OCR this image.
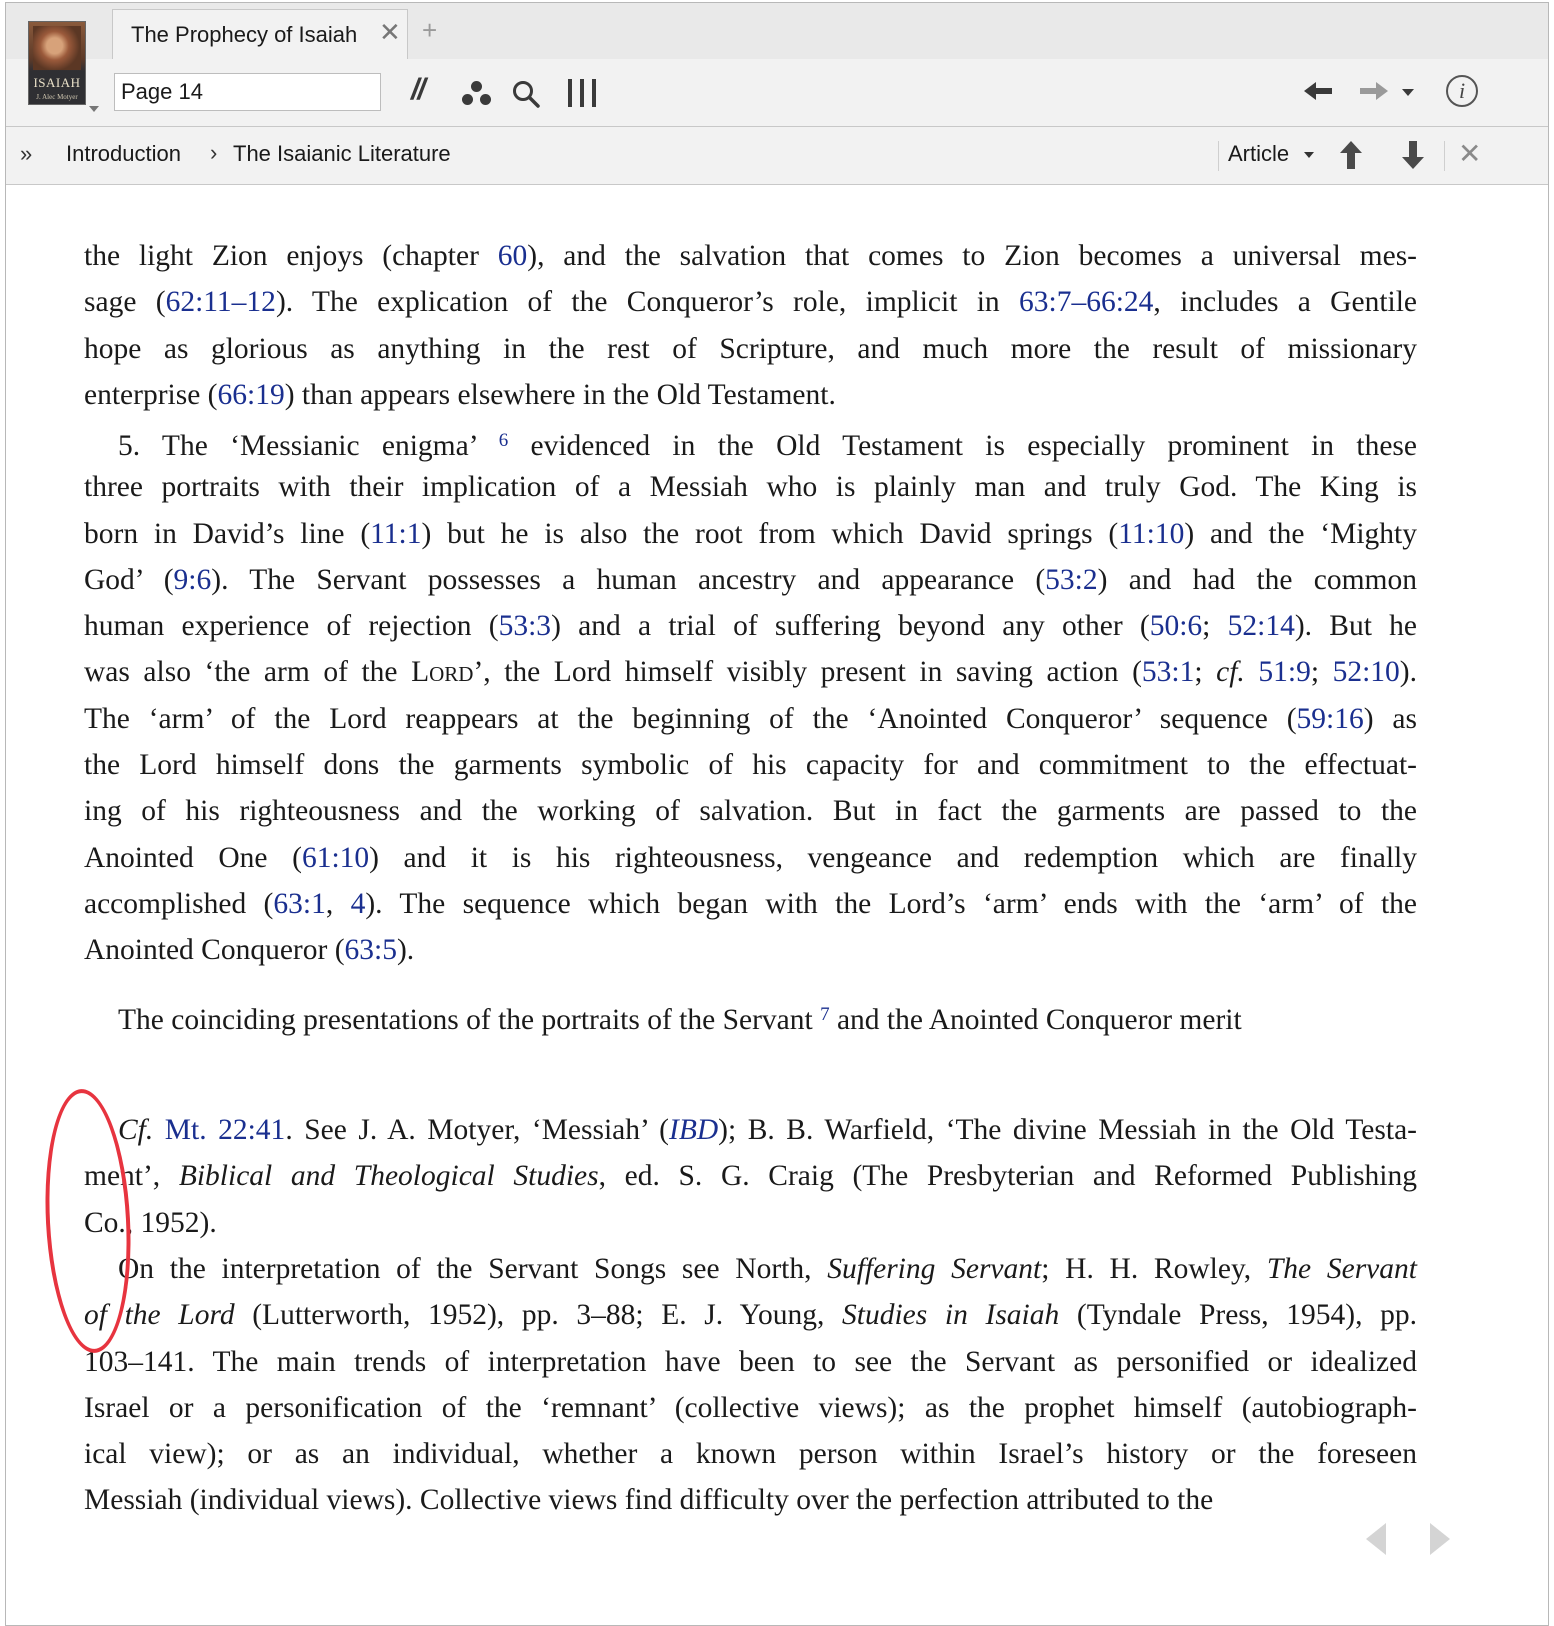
The Prophecy of Isaiah ✕ +
ISAIAH
J. Alec Motyer
Page 14	//	i
» Introduction › The Isaianic Literature	Article	✕
the light Zion enjoys (chapter 60), and the salvation that comes to Zion becomes a universal mes-
sage (62:11–12). The explication of the Conqueror’s role, implicit in 63:7–66:24, includes a Gentile
hope as glorious as anything in the rest of Scripture, and much more the result of missionary
enterprise (66:19) than appears elsewhere in the Old Testament.
5. The ‘Messianic enigma’ $^6$ evidenced in the Old Testament is especially prominent in these
three portraits with their implication of a Messiah who is plainly man and truly God. The King is
born in David’s line (11:1) but he is also the root from which David springs (11:10) and the ‘Mighty
God’ (9:6). The Servant possesses a human ancestry and appearance (53:2) and had the common
human experience of rejection (53:3) and a trial of suffering beyond any other (50:6; 52:14). But he
was also ‘the arm of the Lord’, the Lord himself visibly present in saving action (53:1; cf. 51:9; 52:10).
The ‘arm’ of the Lord reappears at the beginning of the ‘Anointed Conqueror’ sequence (59:16) as
the Lord himself dons the garments symbolic of his capacity for and commitment to the effectuat-
ing of his righteousness and the working of salvation. But in fact the garments are passed to the
Anointed One (61:10) and it is his righteousness, vengeance and redemption which are finally
accomplished (63:1, 4). The sequence which began with the Lord’s ‘arm’ ends with the ‘arm’ of the
Anointed Conqueror (63:5).
The coinciding presentations of the portraits of the Servant $^7$ and the Anointed Conqueror merit
Cf. Mt. 22:41. See J. A. Motyer, ‘Messiah’ (IBD); B. B. Warfield, ‘The divine Messiah in the Old Testa-
ment’, Biblical and Theological Studies, ed. S. G. Craig (The Presbyterian and Reformed Publishing
Co., 1952).
On the interpretation of the Servant Songs see North, Suffering Servant; H. H. Rowley, The Servant
of the Lord (Lutterworth, 1952), pp. 3–88; E. J. Young, Studies in Isaiah (Tyndale Press, 1954), pp.
103–141. The main trends of interpretation have been to see the Servant as personified or idealized
Israel or a personification of the ‘remnant’ (collective views); as the prophet himself (autobiograph-
ical view); or as an individual, whether a known person within Israel’s history or the foreseen
Messiah (individual views). Collective views find difficulty over the perfection attributed to the
